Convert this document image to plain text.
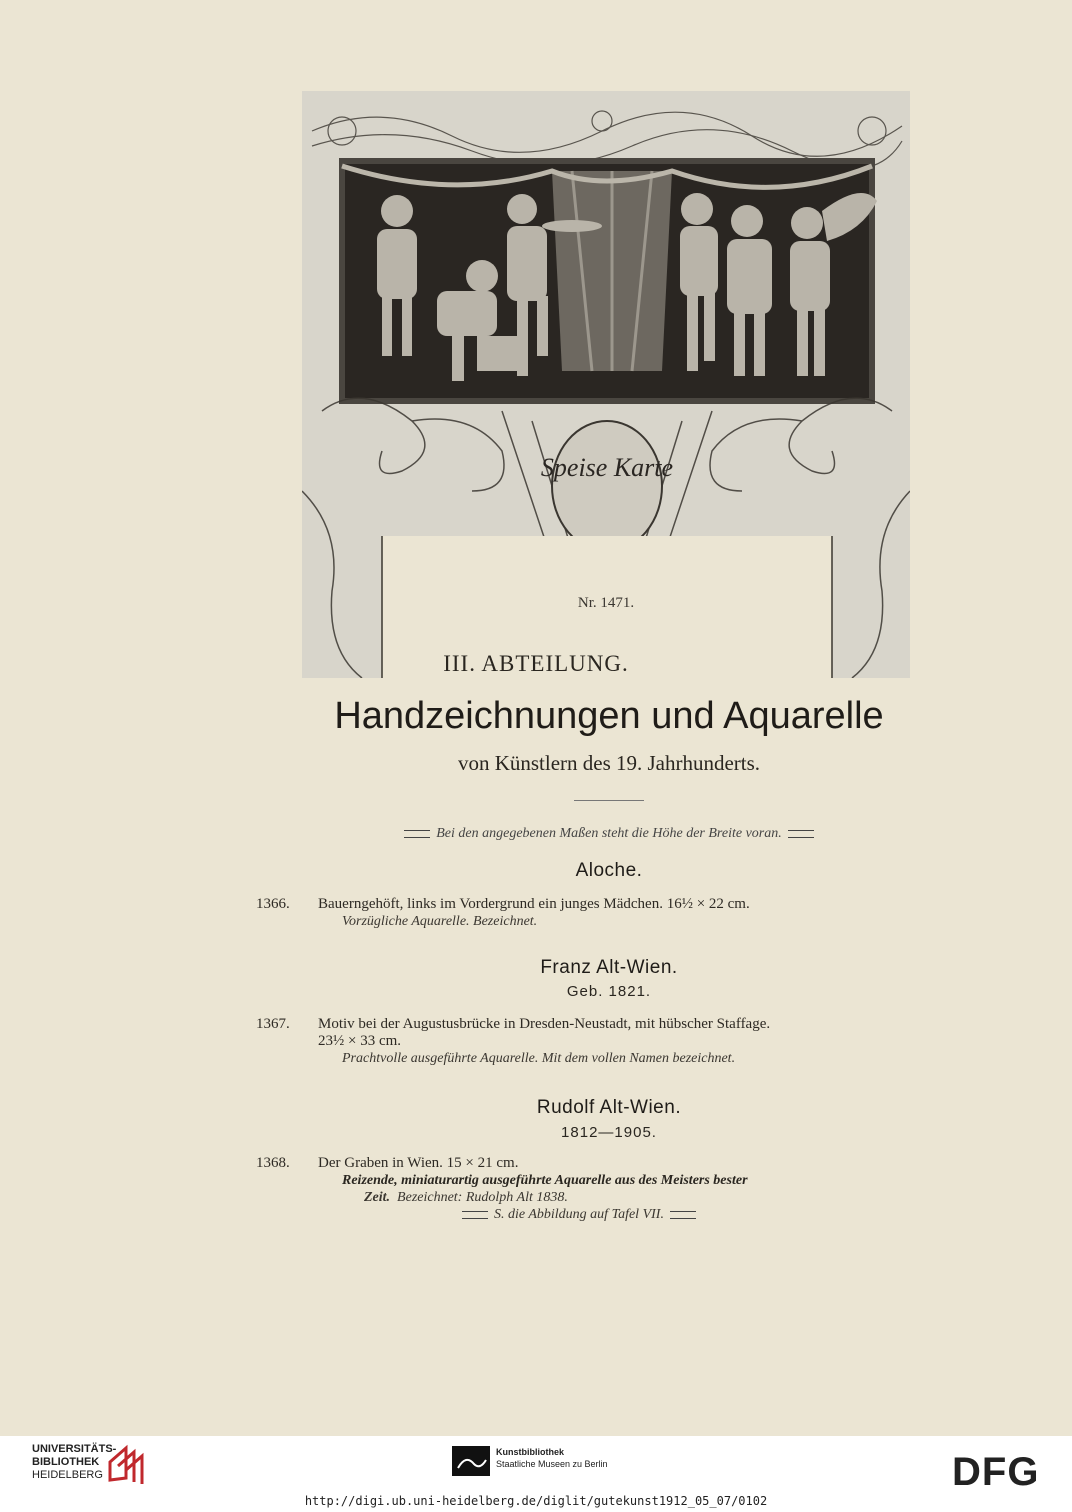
Speise Karte
Nr. 1471.
III. ABTEILUNG.
Handzeichnungen und Aquarelle
von Künstlern des 19. Jahrhunderts.
Bei den angegebenen Maßen steht die Höhe der Breite voran.
Aloche.
1366. Bauerngehöft, links im Vordergrund ein junges Mädchen. 16½ × 22 cm.
Vorzügliche Aquarelle. Bezeichnet.
Franz Alt-Wien.
Geb. 1821.
1367. Motiv bei der Augustusbrücke in Dresden-Neustadt, mit hübscher Staffage.
23½ × 33 cm.
Prachtvolle ausgeführte Aquarelle. Mit dem vollen Namen bezeichnet.
Rudolf Alt-Wien.
1812—1905.
1368. Der Graben in Wien. 15 × 21 cm.
Reizende, miniaturartig ausgeführte Aquarelle aus des Meisters bester
Zeit. Bezeichnet: Rudolph Alt 1838.
S. die Abbildung auf Tafel VII.
UNIVERSITÄTS-
BIBLIOTHEK
HEIDELBERG
Kunstbibliothek
Staatliche Museen zu Berlin	DFG
http://digi.ub.uni-heidelberg.de/diglit/gutekunst1912_05_07/0102
